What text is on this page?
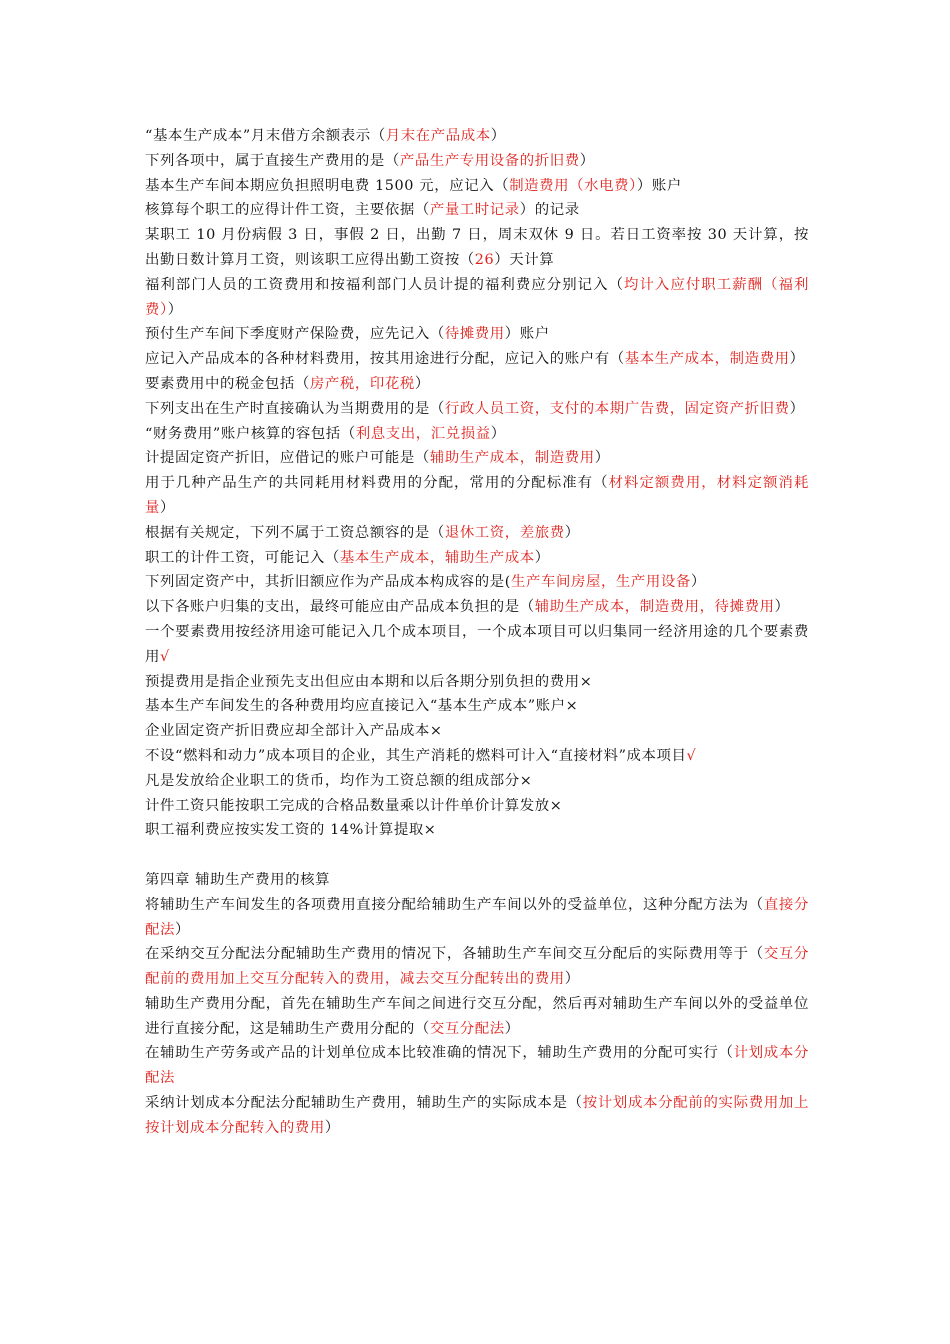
“基本生产成本”月末借方余额表示（月末在产品成本）
下列各项中，属于直接生产费用的是（产品生产专用设备的折旧费）
基本生产车间本期应负担照明电费 1500 元，应记入（制造费用（水电费））账户
核算每个职工的应得计件工资，主要依据（产量工时记录）的记录
某职工 10 月份病假 3 日，事假 2 日，出勤 7 日，周末双休 9 日。若日工资率按 30 天计算，按出勤日数计算月工资，则该职工应得出勤工资按（26）天计算
福利部门人员的工资费用和按福利部门人员计提的福利费应分别记入（均计入应付职工薪酬（福利费））
预付生产车间下季度财产保险费，应先记入（待摊费用）账户
应记入产品成本的各种材料费用，按其用途进行分配，应记入的账户有（基本生产成本，制造费用）
要素费用中的税金包括（房产税，印花税）
下列支出在生产时直接确认为当期费用的是（行政人员工资，支付的本期广告费，固定资产折旧费）
“财务费用”账户核算的容包括（利息支出，汇兑损益）
计提固定资产折旧，应借记的账户可能是（辅助生产成本，制造费用）
用于几种产品生产的共同耗用材料费用的分配，常用的分配标准有（材料定额费用，材料定额消耗量）
根据有关规定，下列不属于工资总额容的是（退休工资，差旅费）
职工的计件工资，可能记入（基本生产成本，辅助生产成本）
下列固定资产中，其折旧额应作为产品成本构成容的是(生产车间房屋，生产用设备）
以下各账户归集的支出，最终可能应由产品成本负担的是（辅助生产成本，制造费用，待摊费用）
一个要素费用按经济用途可能记入几个成本项目，一个成本项目可以归集同一经济用途的几个要素费用√
预提费用是指企业预先支出但应由本期和以后各期分别负担的费用×
基本生产车间发生的各种费用均应直接记入“基本生产成本”账户×
企业固定资产折旧费应却全部计入产品成本×
不设“燃料和动力”成本项目的企业，其生产消耗的燃料可计入“直接材料”成本项目√
凡是发放给企业职工的货币，均作为工资总额的组成部分×
计件工资只能按职工完成的合格品数量乘以计件单价计算发放×
职工福利费应按实发工资的 14%计算提取×
第四章 辅助生产费用的核算
将辅助生产车间发生的各项费用直接分配给辅助生产车间以外的受益单位，这种分配方法为（直接分配法）
在采纳交互分配法分配辅助生产费用的情况下，各辅助生产车间交互分配后的实际费用等于（交互分配前的费用加上交互分配转入的费用，减去交互分配转出的费用）
辅助生产费用分配，首先在辅助生产车间之间进行交互分配，然后再对辅助生产车间以外的受益单位进行直接分配，这是辅助生产费用分配的（交互分配法）
在辅助生产劳务或产品的计划单位成本比较准确的情况下，辅助生产费用的分配可实行（计划成本分配法
采纳计划成本分配法分配辅助生产费用，辅助生产的实际成本是（按计划成本分配前的实际费用加上按计划成本分配转入的费用）
